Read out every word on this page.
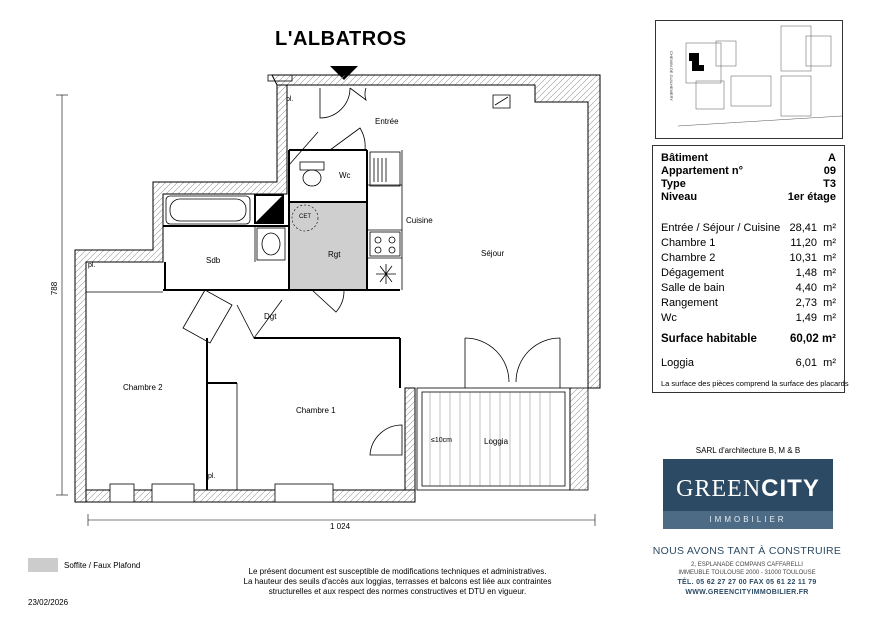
L'ALBATROS
Entrée
Wc
Cuisine
Séjour
Sdb
Rgt
CET
Dgt
Chambre 2
Chambre 1
Loggia
≤10cm
pl.
pl.
pl.
788
1 024
CHEMIN DE GUILHEMERY
Bâtiment	A
Appartement n°	09
Type	T3
Niveau	1er étage
Entrée / Séjour / Cuisine 28,41 m²
Chambre 1	11,20 m²
Chambre 2	10,31 m²
Dégagement	1,48 m²
Salle de bain	4,40 m²
Rangement	2,73 m²
Wc	1,49 m²
Surface habitable	60,02 m²
Loggia	6,01 m²
La surface des pièces comprend la surface des placards
SARL d'architecture B, M & B
GREENCITY
IMMOBILIER
NOUS AVONS TANT À CONSTRUIRE
2, ESPLANADE COMPANS CAFFARELLI
IMMEUBLE TOULOUSE 2000 - 31000 TOULOUSE
TÉL. 05 62 27 27 00 FAX 05 61 22 11 79
WWW.GREENCITYIMMOBILIER.FR
Soffite / Faux Plafond
23/02/2026
Le présent document est susceptible de modifications techniques et administratives.
La hauteur des seuils d'accès aux loggias, terrasses et balcons est liée aux contraintes
structurelles et aux respect des normes constructives et DTU en vigueur.
